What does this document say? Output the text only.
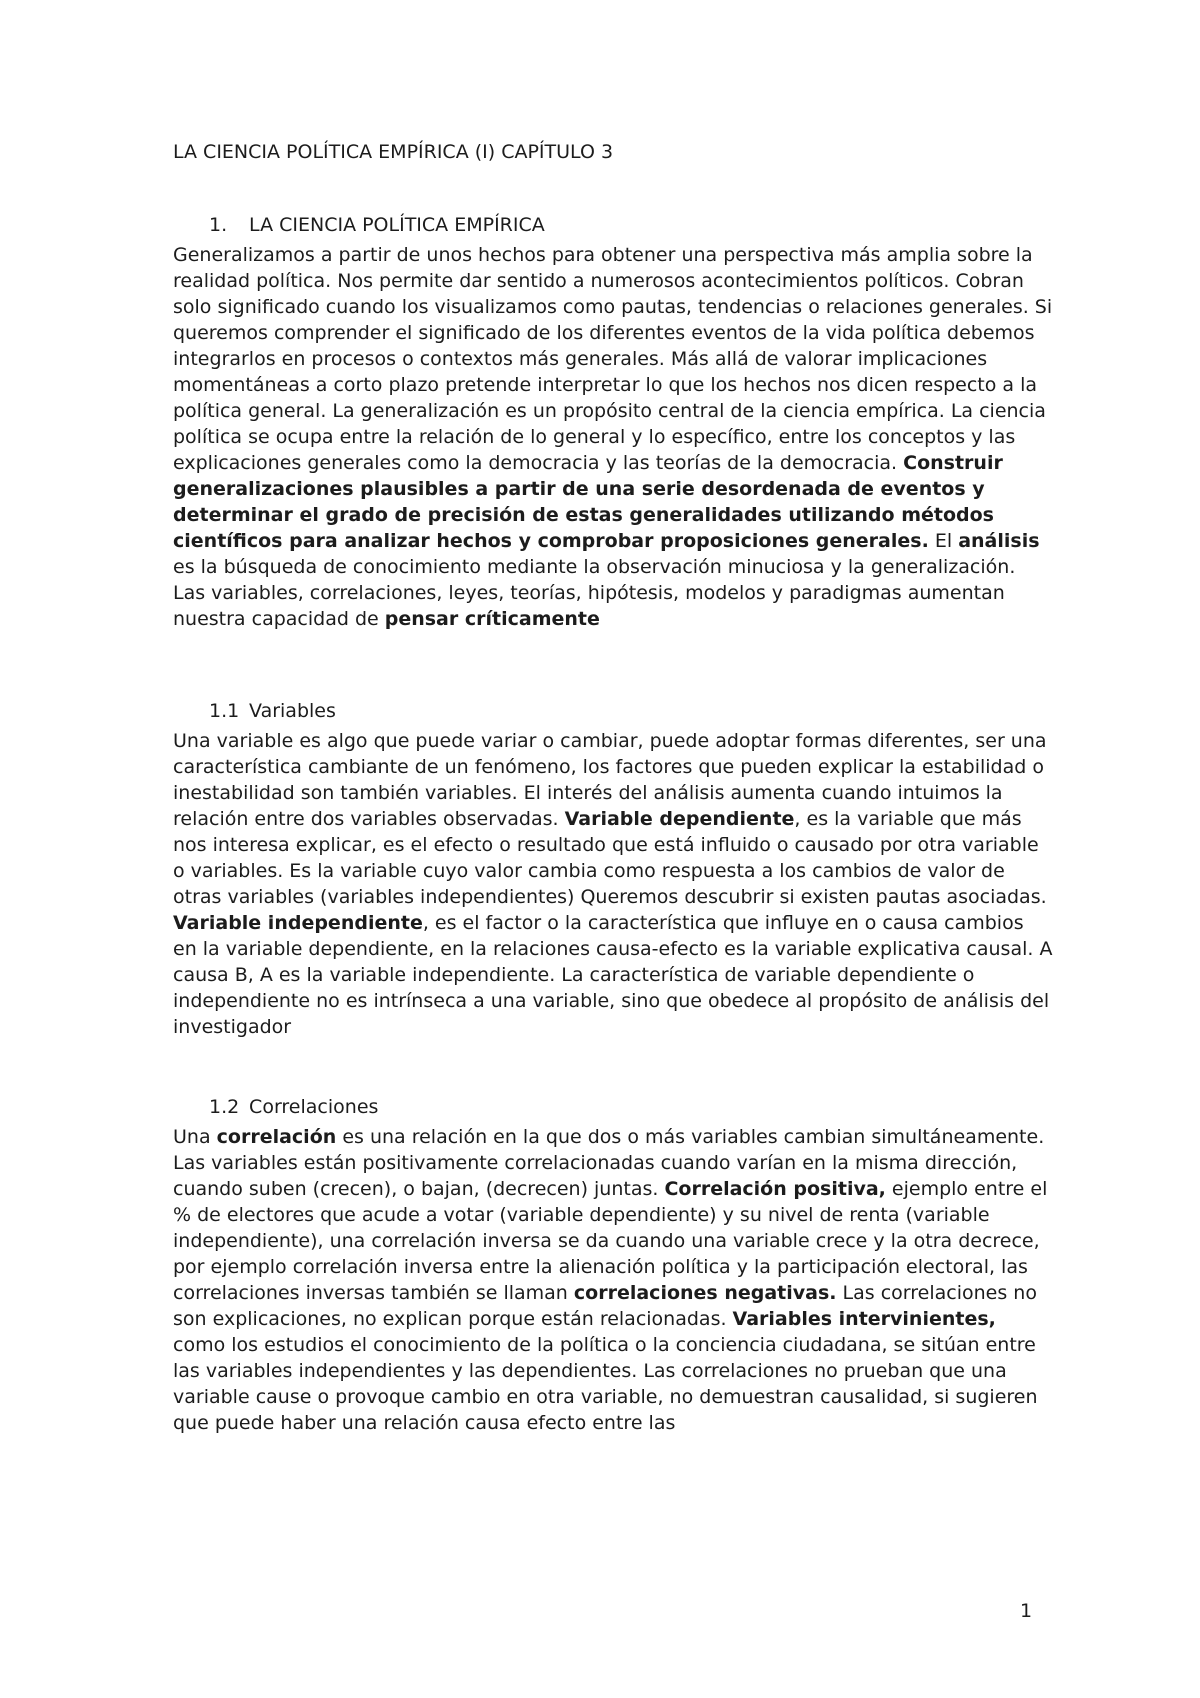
LA CIENCIA POLÍTICA EMPÍRICA (I) CAPÍTULO 3
1. LA CIENCIA POLÍTICA EMPÍRICA

Generalizamos a partir de unos hechos para obtener una perspectiva más amplia sobre la realidad política. Nos permite dar sentido a numerosos acontecimientos políticos. Cobran solo significado cuando los visualizamos como pautas, tendencias o relaciones generales. Si queremos comprender el significado de los diferentes eventos de la vida política debemos integrarlos en procesos o contextos más generales. Más allá de valorar implicaciones momentáneas a corto plazo pretende interpretar lo que los hechos nos dicen respecto a la política general. La generalización es un propósito central de la ciencia empírica. La ciencia política se ocupa entre la relación de lo general y lo específico, entre los conceptos y las explicaciones generales como la democracia y las teorías de la democracia. Construir generalizaciones plausibles a partir de una serie desordenada de eventos y determinar el grado de precisión de estas generalidades utilizando métodos científicos para analizar hechos y comprobar proposiciones generales. El análisis es la búsqueda de conocimiento mediante la observación minuciosa y la generalización. Las variables, correlaciones, leyes, teorías, hipótesis, modelos y paradigmas aumentan nuestra capacidad de pensar críticamente

1.1 Variables

Una variable es algo que puede variar o cambiar, puede adoptar formas diferentes, ser una característica cambiante de un fenómeno, los factores que pueden explicar la estabilidad o inestabilidad son también variables. El interés del análisis aumenta cuando intuimos la relación entre dos variables observadas. Variable dependiente, es la variable que más nos interesa explicar, es el efecto o resultado que está influido o causado por otra variable o variables. Es la variable cuyo valor cambia como respuesta a los cambios de valor de otras variables (variables independientes) Queremos descubrir si existen pautas asociadas. Variable independiente, es el factor o la característica que influye en o causa cambios en la variable dependiente, en la relaciones causa-efecto es la variable explicativa causal. A causa B, A es la variable independiente. La característica de variable dependiente o independiente no es intrínseca a una variable, sino que obedece al propósito de análisis del investigador

1.2 Correlaciones

Una correlación es una relación en la que dos o más variables cambian simultáneamente. Las variables están positivamente correlacionadas cuando varían en la misma dirección, cuando suben (crecen), o bajan, (decrecen) juntas. Correlación positiva, ejemplo entre el % de electores que acude a votar (variable dependiente) y su nivel de renta (variable independiente), una correlación inversa se da cuando una variable crece y la otra decrece, por ejemplo correlación inversa entre la alienación política y la participación electoral, las correlaciones inversas también se llaman correlaciones negativas. Las correlaciones no son explicaciones, no explican porque están relacionadas. Variables intervinientes, como los estudios el conocimiento de la política o la conciencia ciudadana, se sitúan entre las variables independientes y las dependientes. Las correlaciones no prueban que una variable cause o provoque cambio en otra variable, no demuestran causalidad, si sugieren que puede haber una relación causa efecto entre las

1
